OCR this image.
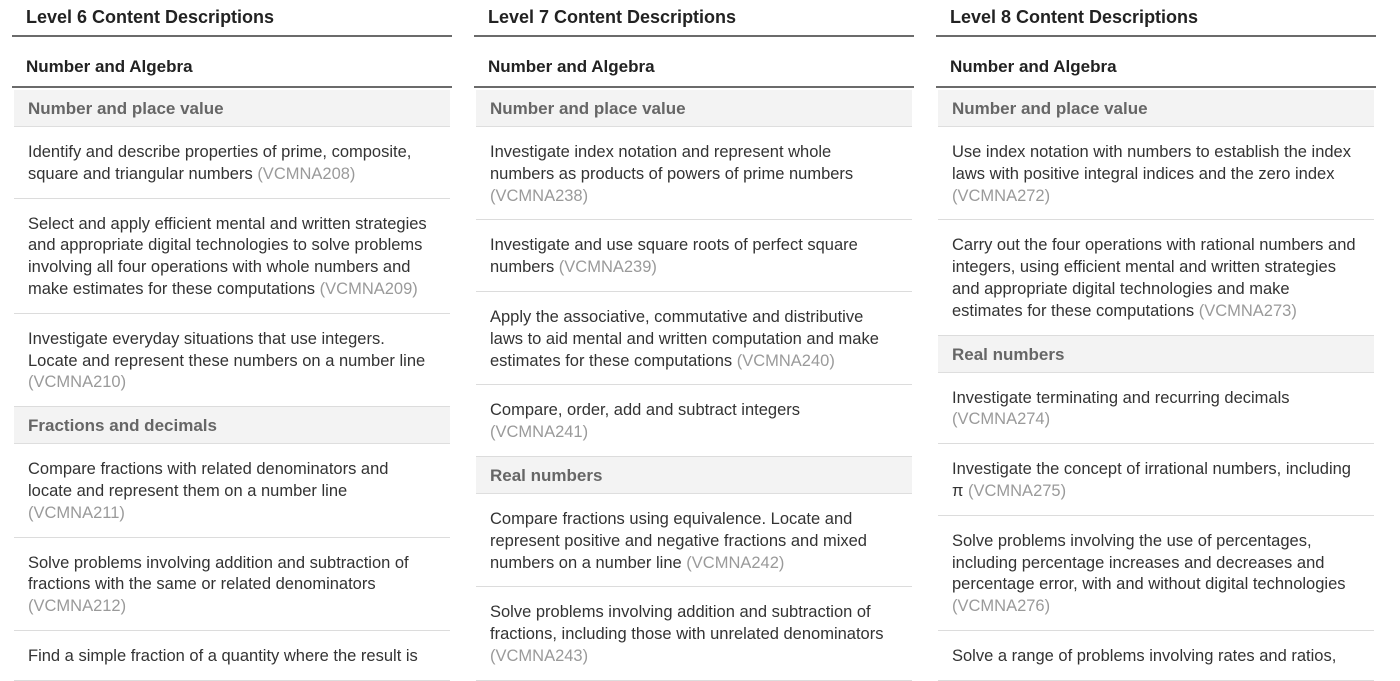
Level 6 Content Descriptions
Number and Algebra
Number and place value
Identify and describe properties of prime, composite, square and triangular numbers (VCMNA208)
Select and apply efficient mental and written strategies and appropriate digital technologies to solve problems involving all four operations with whole numbers and make estimates for these computations (VCMNA209)
Investigate everyday situations that use integers. Locate and represent these numbers on a number line (VCMNA210)
Fractions and decimals
Compare fractions with related denominators and locate and represent them on a number line (VCMNA211)
Solve problems involving addition and subtraction of fractions with the same or related denominators (VCMNA212)
Find a simple fraction of a quantity where the result is
Level 7 Content Descriptions
Number and Algebra
Number and place value
Investigate index notation and represent whole numbers as products of powers of prime numbers (VCMNA238)
Investigate and use square roots of perfect square numbers (VCMNA239)
Apply the associative, commutative and distributive laws to aid mental and written computation and make estimates for these computations (VCMNA240)
Compare, order, add and subtract integers (VCMNA241)
Real numbers
Compare fractions using equivalence. Locate and represent positive and negative fractions and mixed numbers on a number line (VCMNA242)
Solve problems involving addition and subtraction of fractions, including those with unrelated denominators (VCMNA243)
Level 8 Content Descriptions
Number and Algebra
Number and place value
Use index notation with numbers to establish the index laws with positive integral indices and the zero index (VCMNA272)
Carry out the four operations with rational numbers and integers, using efficient mental and written strategies and appropriate digital technologies and make estimates for these computations (VCMNA273)
Real numbers
Investigate terminating and recurring decimals (VCMNA274)
Investigate the concept of irrational numbers, including π (VCMNA275)
Solve problems involving the use of percentages, including percentage increases and decreases and percentage error, with and without digital technologies (VCMNA276)
Solve a range of problems involving rates and ratios,
